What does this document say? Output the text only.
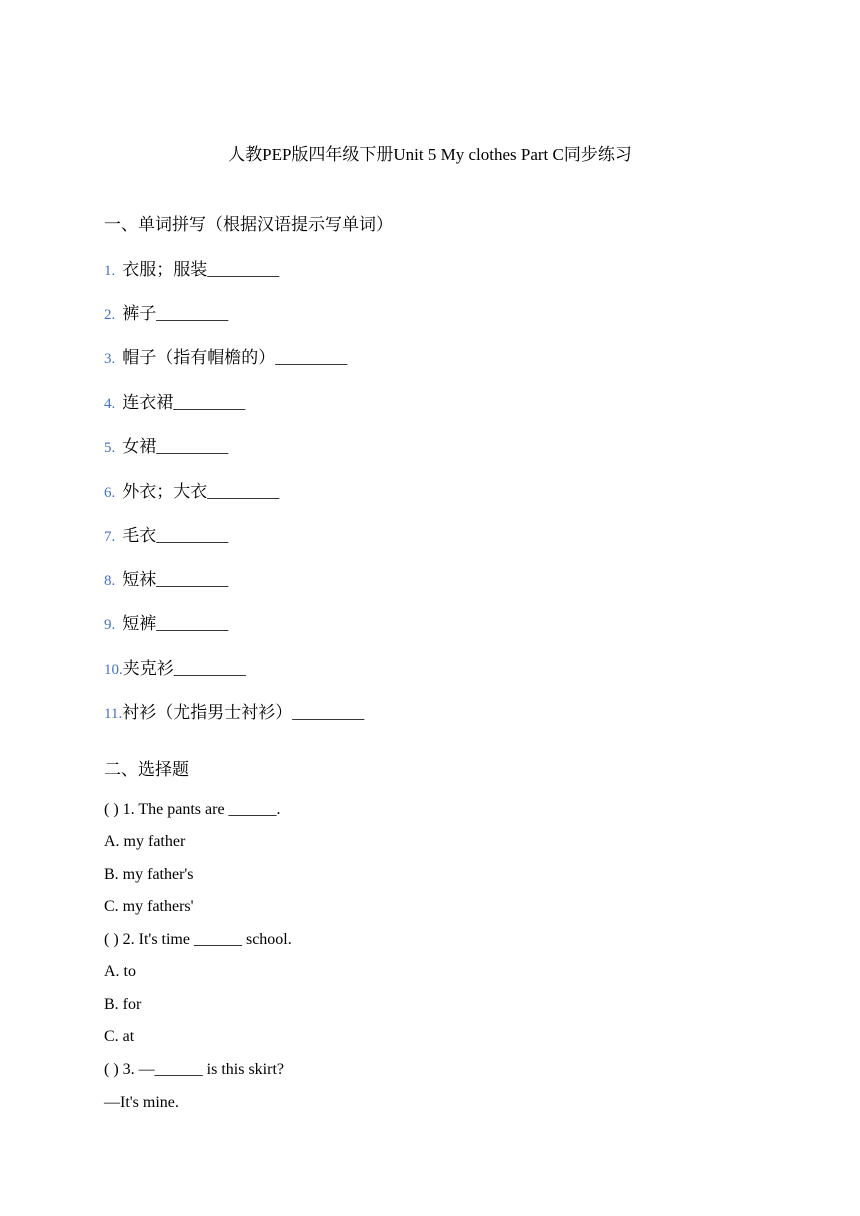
人教PEP版四年级下册Unit 5 My clothes Part C同步练习
一、单词拼写（根据汉语提示写单词）
1. 衣服；服装_________
2. 裤子_________
3. 帽子（指有帽檐的）_________
4. 连衣裙_________
5. 女裙_________
6. 外衣；大衣_________
7. 毛衣_________
8. 短袜_________
9. 短裤_________
10.夹克衫_________
11.衬衫（尤指男士衬衫）_________
二、选择题
( ) 1. The pants are ______.
A. my father
B. my father's
C. my fathers'
( ) 2. It's time ______ school.
A. to
B. for
C. at
( ) 3. —______ is this skirt?
—It's mine.
